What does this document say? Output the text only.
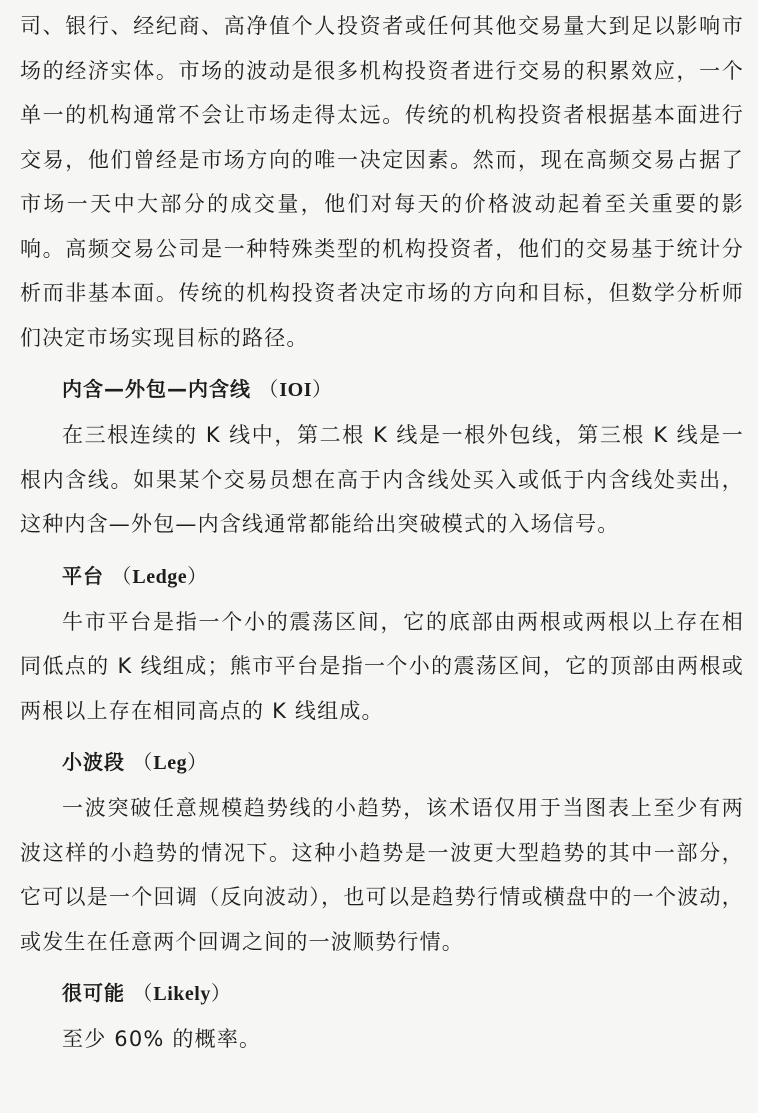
司、银行、经纪商、高净值个人投资者或任何其他交易量大到足以影响市场的经济实体。市场的波动是很多机构投资者进行交易的积累效应，一个单一的机构通常不会让市场走得太远。传统的机构投资者根据基本面进行交易，他们曾经是市场方向的唯一决定因素。然而，现在高频交易占据了市场一天中大部分的成交量，他们对每天的价格波动起着至关重要的影响。高频交易公司是一种特殊类型的机构投资者，他们的交易基于统计分析而非基本面。传统的机构投资者决定市场的方向和目标，但数学分析师们决定市场实现目标的路径。

内含—外包—内含线 （IOI）

在三根连续的 K 线中，第二根 K 线是一根外包线，第三根 K 线是一根内含线。如果某个交易员想在高于内含线处买入或低于内含线处卖出，这种内含—外包—内含线通常都能给出突破模式的入场信号。

平台 （Ledge）

牛市平台是指一个小的震荡区间，它的底部由两根或两根以上存在相同低点的 K 线组成；熊市平台是指一个小的震荡区间，它的顶部由两根或两根以上存在相同高点的 K 线组成。

小波段 （Leg）

一波突破任意规模趋势线的小趋势，该术语仅用于当图表上至少有两波这样的小趋势的情况下。这种小趋势是一波更大型趋势的其中一部分，它可以是一个回调（反向波动），也可以是趋势行情或横盘中的一个波动，或发生在任意两个回调之间的一波顺势行情。

很可能 （Likely）

至少 60% 的概率。
